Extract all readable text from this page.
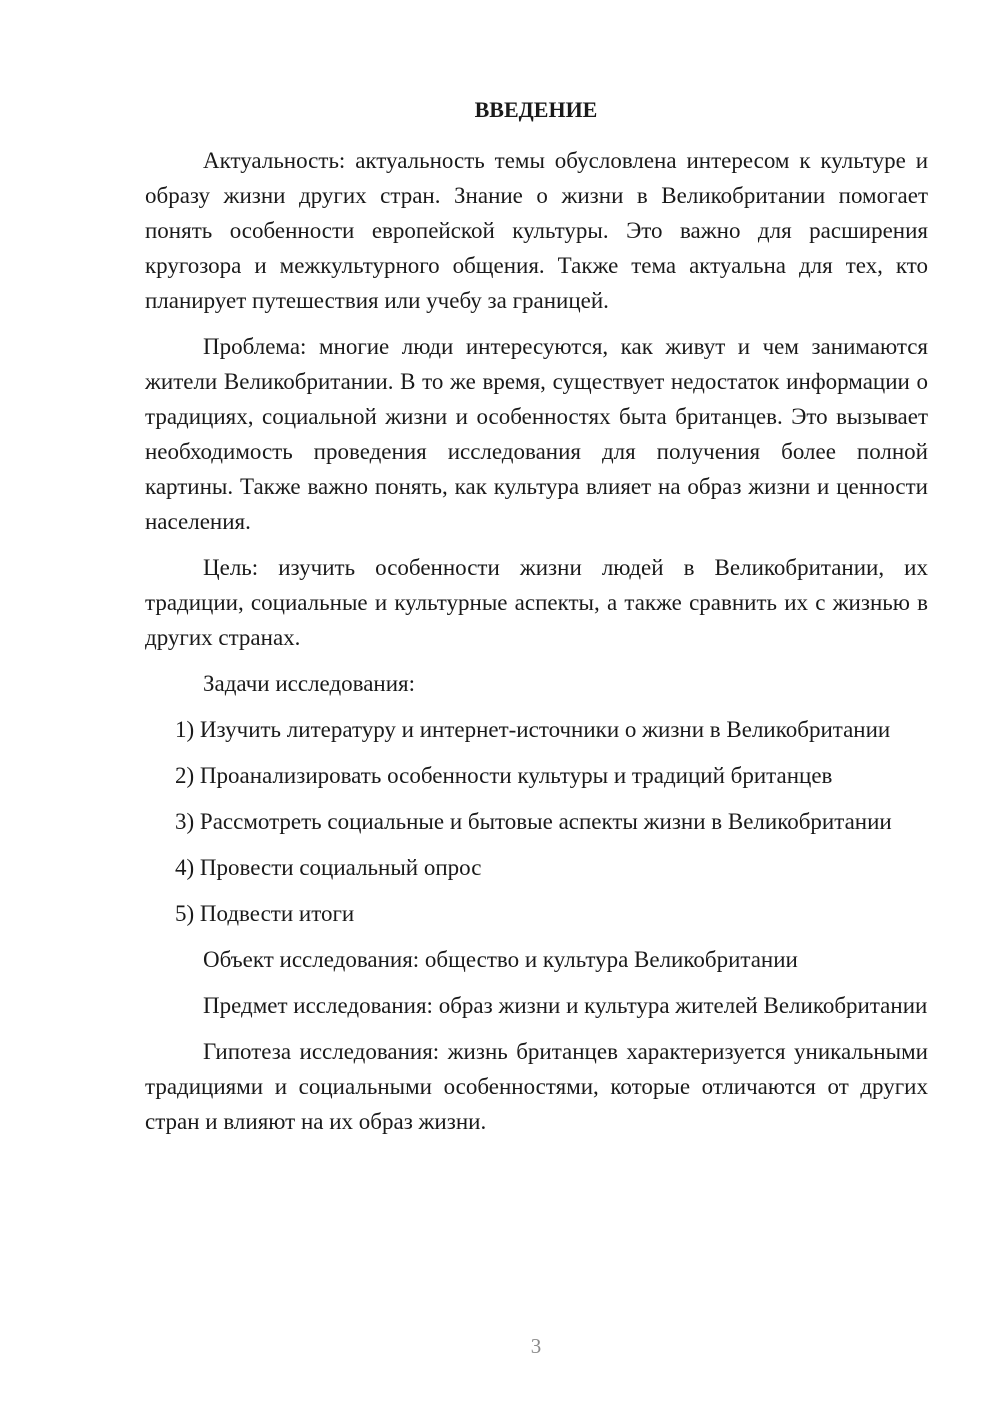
ВВЕДЕНИЕ

Актуальность: актуальность темы обусловлена интересом к культуре и образу жизни других стран. Знание о жизни в Великобритании помогает понять особенности европейской культуры. Это важно для расширения кругозора и межкультурного общения. Также тема актуальна для тех, кто планирует путешествия или учебу за границей.

Проблема: многие люди интересуются, как живут и чем занимаются жители Великобритании. В то же время, существует недостаток информации о традициях, социальной жизни и особенностях быта британцев. Это вызывает необходимость проведения исследования для получения более полной картины. Также важно понять, как культура влияет на образ жизни и ценности населения.

Цель: изучить особенности жизни людей в Великобритании, их традиции, социальные и культурные аспекты, а также сравнить их с жизнью в других странах.

Задачи исследования:

1) Изучить литературу и интернет-источники о жизни в Великобритании

2) Проанализировать особенности культуры и традиций британцев

3) Рассмотреть социальные и бытовые аспекты жизни в Великобритании

4) Провести социальный опрос

5) Подвести итоги

Объект исследования: общество и культура Великобритании

Предмет исследования: образ жизни и культура жителей Великобритании

Гипотеза исследования: жизнь британцев характеризуется уникальными традициями и социальными особенностями, которые отличаются от других стран и влияют на их образ жизни.

3
